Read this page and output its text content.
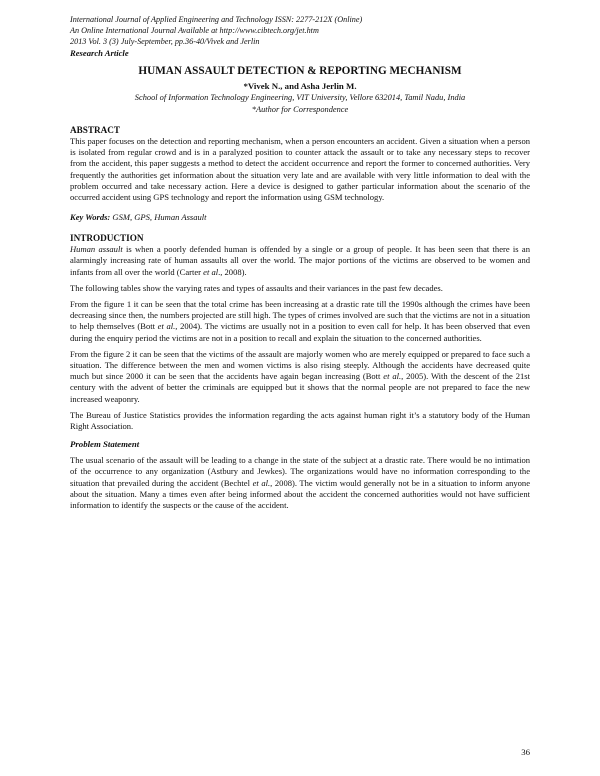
International Journal of Applied Engineering and Technology ISSN: 2277-212X (Online)
An Online International Journal Available at http://www.cibtech.org/jet.htm
2013 Vol. 3 (3) July-September, pp.36-40/Vivek and Jerlin
Research Article
HUMAN ASSAULT DETECTION & REPORTING MECHANISM
*Vivek N., and Asha Jerlin M.
School of Information Technology Engineering, VIT University, Vellore 632014, Tamil Nadu, India
*Author for Correspondence
ABSTRACT

This paper focuses on the detection and reporting mechanism, when a person encounters an accident. Given a situation when a person is isolated from regular crowd and is in a paralyzed position to counter attack the assault or to take any necessary steps to recover from the accident, this paper suggests a method to detect the accident occurrence and report the former to concerned authorities. Very frequently the authorities get information about the situation very late and are available with very little information to deal with the problem occurred and take necessary action. Here a device is designed to gather particular information about the scenario of the occurred accident using GPS technology and report the information using GSM technology.

Key Words: GSM, GPS, Human Assault
INTRODUCTION

Human assault is when a poorly defended human is offended by a single or a group of people. It has been seen that there is an alarmingly increasing rate of human assaults all over the world. The major portions of the victims are observed to be women and infants from all over the world (Carter et al., 2008).

The following tables show the varying rates and types of assaults and their variances in the past few decades.

From the figure 1 it can be seen that the total crime has been increasing at a drastic rate till the 1990s although the crimes have been decreasing since then, the numbers projected are still high. The types of crimes involved are such that the victims are not in a situation to help themselves (Bott et al., 2004). The victims are usually not in a position to even call for help. It has been observed that even during the enquiry period the victims are not in a position to recall and explain the situation to the concerned authorities.

From the figure 2 it can be seen that the victims of the assault are majorly women who are merely equipped or prepared to face such a situation. The difference between the men and women victims is also rising steeply. Although the accidents have decreased quite much but since 2000 it can be seen that the accidents have again began increasing (Bott et al., 2005). With the descent of the 21st century with the advent of better the criminals are equipped but it shows that the normal people are not prepared to face the new increased weaponry.

The Bureau of Justice Statistics provides the information regarding the acts against human right it’s a statutory body of the Human Right Association.

Problem Statement

The usual scenario of the assault will be leading to a change in the state of the subject at a drastic rate. There would be no intimation of the occurrence to any organization (Astbury and Jewkes). The organizations would have no information corresponding to the situation that prevailed during the accident (Bechtel et al., 2008). The victim would generally not be in a situation to inform anyone about the situation. Many a times even after being informed about the accident the concerned authorities would not have sufficient information to identify the suspects or the cause of the accident.

36
